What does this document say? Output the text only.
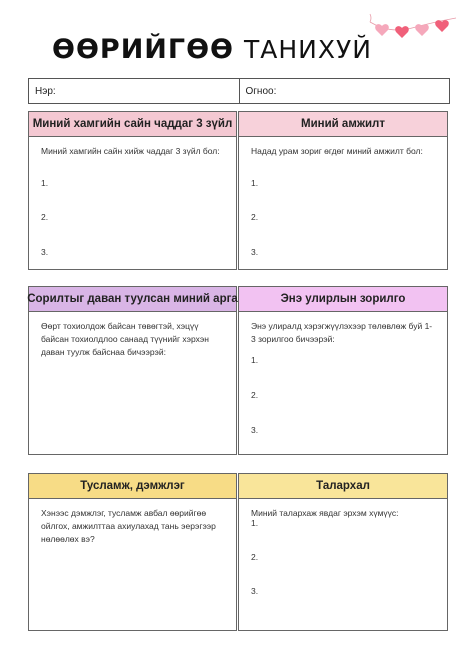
ӨӨРИЙГӨӨ ТАНИХУЙ
Нэр:	Огноо:
Миний хамгийн сайн чаддаг 3 зүйл
Миний хамгийн сайн хийж чаддаг 3 зүйл бол:
1.
2.
3.
Миний амжилт
Надад урам зориг өгдөг миний амжилт бол:
1.
2.
3.
Сорилтыг даван туулсан миний арга
Өөрт тохиолдож байсан төвөгтэй, хэцүү байсан тохиолдлоо санаад түүнийг хэрхэн даван туулж байснаа бичээрэй:
Энэ улирлын зорилго
Энэ улиралд хэрэгжүүлэхээр төлөвлөж буй 1-3 зорилгоо бичээрэй:
1.
2.
3.
Тусламж, дэмжлэг
Хэнээс дэмжлэг, тусламж авбал өөрийгөө ойлгох, амжилттаа ахиулахад тань эерэгээр нөлөөлөх вэ?
Талархал
Миний талархаж явдаг эрхэм хүмүүс:
1.
2.
3.
